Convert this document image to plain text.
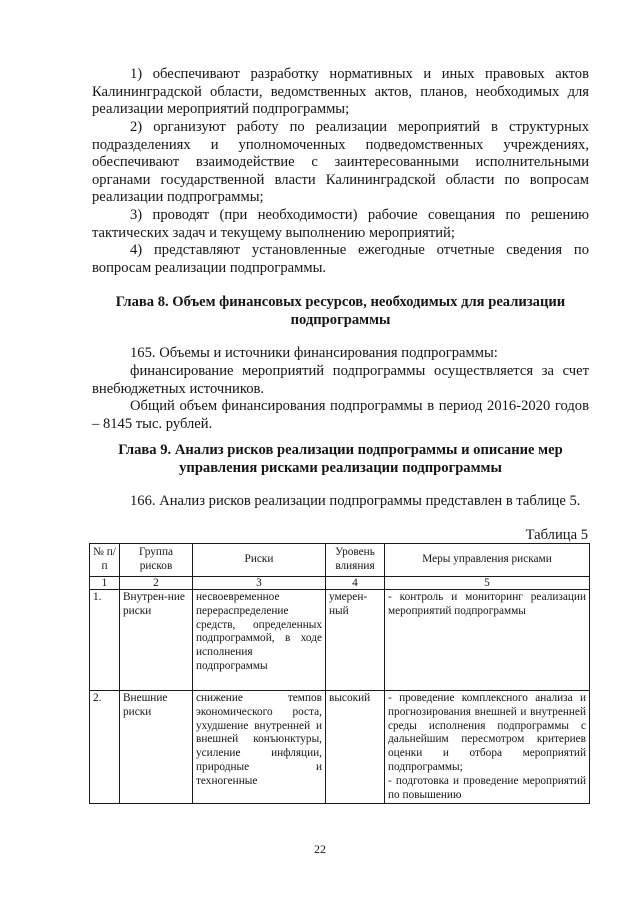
1) обеспечивают разработку нормативных и иных правовых актов Калининградской области, ведомственных актов, планов, необходимых для реализации мероприятий подпрограммы;

2) организуют работу по реализации мероприятий в структурных подразделениях и уполномоченных подведомственных учреждениях, обеспечивают взаимодействие с заинтересованными исполнительными органами государственной власти Калининградской области по вопросам реализации подпрограммы;

3) проводят (при необходимости) рабочие совещания по решению тактических задач и текущему выполнению мероприятий;

4) представляют установленные ежегодные отчетные сведения по вопросам реализации подпрограммы.

Глава 8. Объем финансовых ресурсов, необходимых для реализации подпрограммы

165. Объемы и источники финансирования подпрограммы:

финансирование мероприятий подпрограммы осуществляется за счет внебюджетных источников.

Общий объем финансирования подпрограммы в период 2016-2020 годов – 8145 тыс. рублей.

Глава 9. Анализ рисков реализации подпрограммы и описание мер управления рисками реализации подпрограммы

166. Анализ рисков реализации подпрограммы представлен в таблице 5.

Таблица 5
№ п/п	Группа рисков	Риски	Уровень влияния	Меры управления рисками
1	2	3	4	5
1.	Внутрен-ние риски	несвоевременное перераспределение средств, определенных подпрограммой, в ходе исполнения подпрограммы	умерен-ный	- контроль и мониторинг реализации мероприятий подпрограммы
2.	Внешние риски	снижение темпов экономического роста, ухудшение внутренней и внешней конъюнктуры, усиление инфляции, природные и техногенные	высокий	- проведение комплексного анализа и прогнозирования внешней и внутренней среды исполнения подпрограммы с дальнейшим пересмотром критериев оценки и отбора мероприятий подпрограммы;
- подготовка и проведение мероприятий по повышению
22
